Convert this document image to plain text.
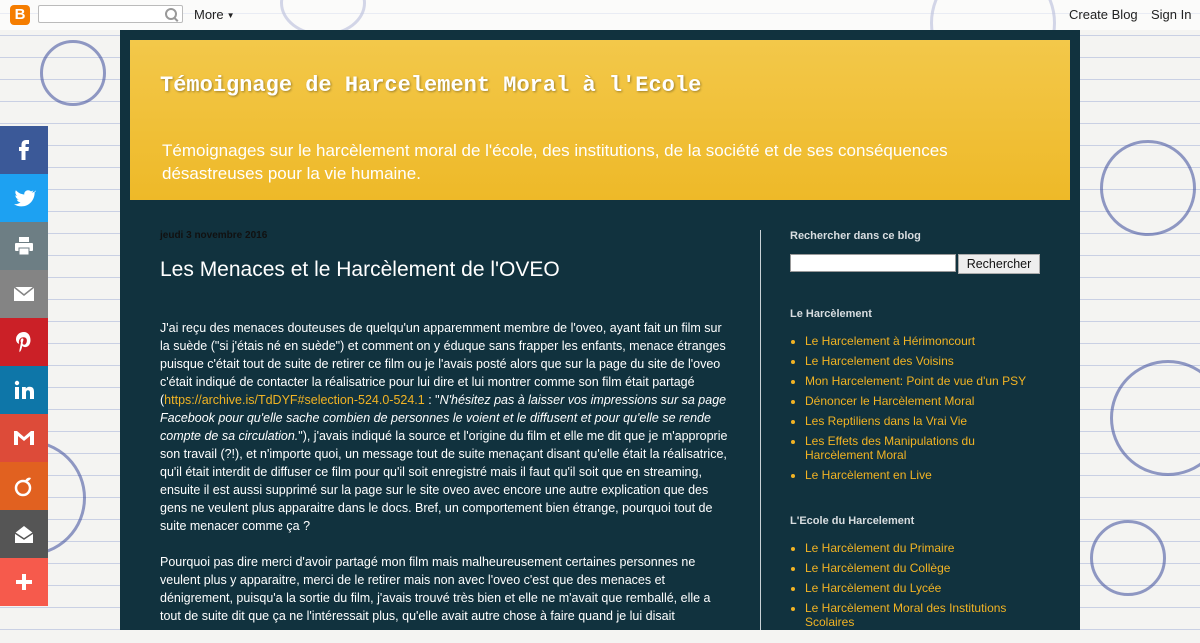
B	More ▼	Create Blog Sign In
Témoignage de Harcelement Moral à l'Ecole
Témoignages sur le harcèlement moral de l'école, des institutions, de la société et de ses conséquences désastreuses pour la vie humaine.
jeudi 3 novembre 2016
Les Menaces et le Harcèlement de l'OVEO

J'ai reçu des menaces douteuses de quelqu'un apparemment membre de l'oveo, ayant fait un film sur la suède ("si j'étais né en suède") et comment on y éduque sans frapper les enfants, menace étranges puisque c'était tout de suite de retirer ce film ou je l'avais posté alors que sur la page du site de l'oveo c'était indiqué de contacter la réalisatrice pour lui dire et lui montrer comme son film était partagé (https://archive.is/TdDYF#selection-524.0-524.1 : "N'hésitez pas à laisser vos impressions sur sa page Facebook pour qu'elle sache combien de personnes le voient et le diffusent et pour qu'elle se rende compte de sa circulation."), j'avais indiqué la source et l'origine du film et elle me dit que je m'approprie son travail (?!), et n'importe quoi, un message tout de suite menaçant disant qu'elle était la réalisatrice, qu'il était interdit de diffuser ce film pour qu'il soit enregistré mais il faut qu'il soit que en streaming, ensuite il est aussi supprimé sur la page sur le site oveo avec encore une autre explication que des gens ne veulent plus apparaitre dans le docs. Bref, un comportement bien étrange, pourquoi tout de suite menacer comme ça ?

Pourquoi pas dire merci d'avoir partagé mon film mais malheureusement certaines personnes ne veulent plus y apparaitre, merci de le retirer mais non avec l'oveo c'est que des menaces et dénigrement, puisqu'a la sortie du film, j'avais trouvé très bien et elle ne m'avait que remballé, elle a tout de suite dit que ça ne l'intéressait plus, qu'elle avait autre chose à faire quand je lui disait

Rechercher dans ce blog
Rechercher
Le Harcèlement
• Le Harcelement à Hérimoncourt
• Le Harcelement des Voisins
• Mon Harcelement: Point de vue d'un PSY
• Dénoncer le Harcèlement Moral
• Les Reptiliens dans la Vrai Vie
• Les Effets des Manipulations du Harcèlement Moral
• Le Harcèlement en Live
L'Ecole du Harcelement
• Le Harcèlement du Primaire
• Le Harcèlement du Collège
• Le Harcèlement du Lycée
• Le Harcèlement Moral des Institutions Scolaires
